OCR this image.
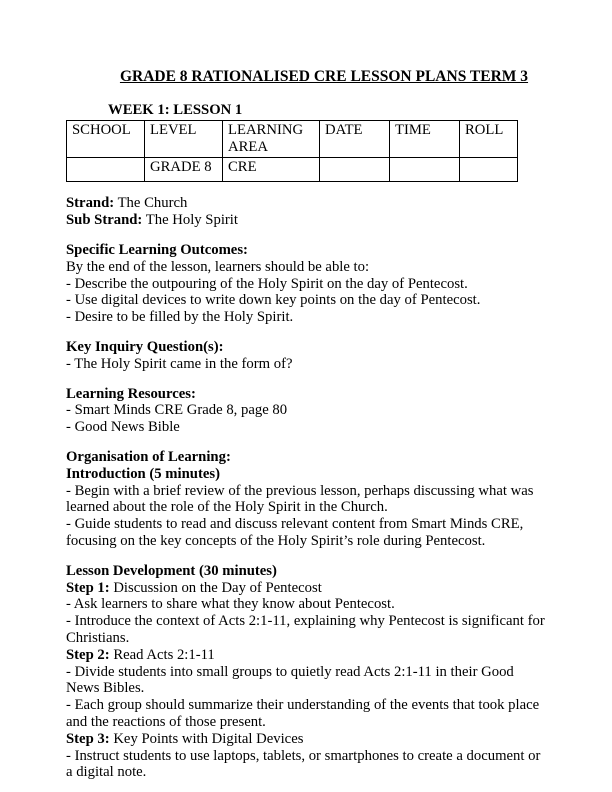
GRADE 8 RATIONALISED CRE LESSON PLANS TERM 3
WEEK 1: LESSON 1
SCHOOL	LEVEL	LEARNING AREA	DATE	TIME	ROLL
	GRADE 8	CRE			
Strand: The Church
Sub Strand: The Holy Spirit
Specific Learning Outcomes:
By the end of the lesson, learners should be able to:
- Describe the outpouring of the Holy Spirit on the day of Pentecost.
- Use digital devices to write down key points on the day of Pentecost.
- Desire to be filled by the Holy Spirit.
Key Inquiry Question(s):
- The Holy Spirit came in the form of?
Learning Resources:
- Smart Minds CRE Grade 8, page 80
- Good News Bible
Organisation of Learning:
Introduction (5 minutes)
- Begin with a brief review of the previous lesson, perhaps discussing what was learned about the role of the Holy Spirit in the Church.
- Guide students to read and discuss relevant content from Smart Minds CRE, focusing on the key concepts of the Holy Spirit’s role during Pentecost.
Lesson Development (30 minutes)
Step 1: Discussion on the Day of Pentecost
- Ask learners to share what they know about Pentecost.
- Introduce the context of Acts 2:1-11, explaining why Pentecost is significant for Christians.
Step 2: Read Acts 2:1-11
- Divide students into small groups to quietly read Acts 2:1-11 in their Good News Bibles.
- Each group should summarize their understanding of the events that took place and the reactions of those present.
Step 3: Key Points with Digital Devices
- Instruct students to use laptops, tablets, or smartphones to create a document or a digital note.
